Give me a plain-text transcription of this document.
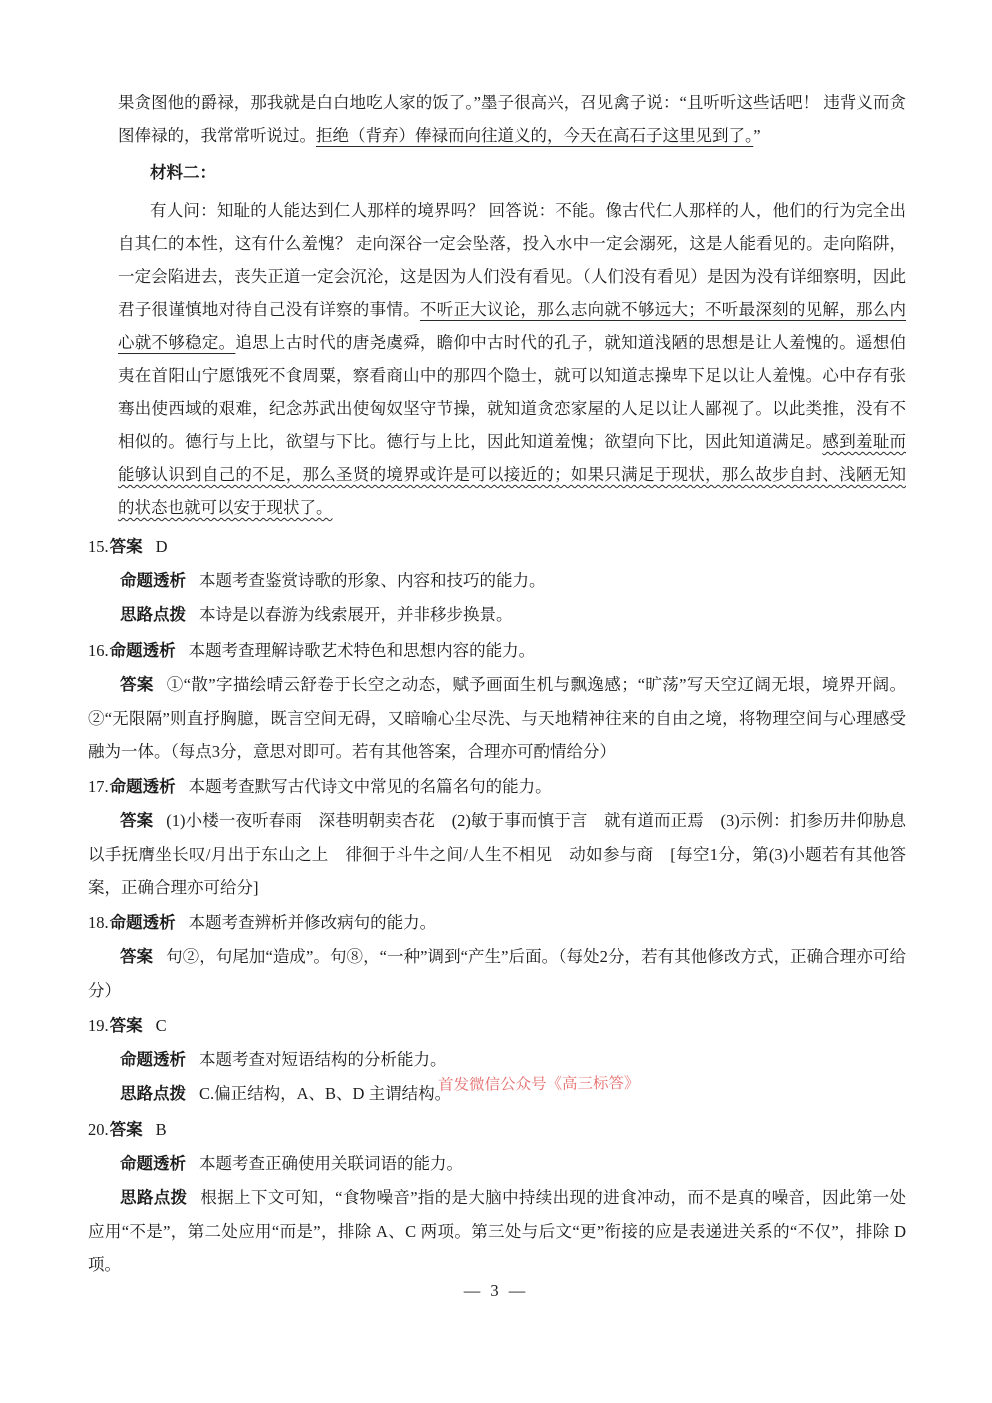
果贪图他的爵禄，那我就是白白地吃人家的饭了。”墨子很高兴，召见禽子说：“且听听这些话吧！ 违背义而贪图俸禄的，我常常听说过。拒绝（背弃）俸禄而向往道义的，今天在高石子这里见到了。”

材料二：

有人问：知耻的人能达到仁人那样的境界吗？ 回答说：不能。像古代仁人那样的人，他们的行为完全出自其仁的本性，这有什么羞愧？ 走向深谷一定会坠落，投入水中一定会溺死，这是人能看见的。走向陷阱，一定会陷进去，丧失正道一定会沉沦，这是因为人们没有看见。（人们没有看见）是因为没有详细察明，因此君子很谨慎地对待自己没有详察的事情。不听正大议论，那么志向就不够远大；不听最深刻的见解，那么内心就不够稳定。追思上古时代的唐尧虞舜，瞻仰中古时代的孔子，就知道浅陋的思想是让人羞愧的。遥想伯夷在首阳山宁愿饿死不食周粟，察看商山中的那四个隐士，就可以知道志操卑下足以让人羞愧。心中存有张骞出使西域的艰难，纪念苏武出使匈奴坚守节操，就知道贪恋家屋的人足以让人鄙视了。以此类推，没有不相似的。德行与上比，欲望与下比。德行与上比，因此知道羞愧；欲望向下比，因此知道满足。感到羞耻而能够认识到自己的不足，那么圣贤的境界或许是可以接近的；如果只满足于现状，那么故步自封、浅陋无知的状态也就可以安于现状了。

15.答案 D

命题透析 本题考查鉴赏诗歌的形象、内容和技巧的能力。

思路点拨 本诗是以春游为线索展开，并非移步换景。

16.命题透析 本题考查理解诗歌艺术特色和思想内容的能力。

答案 ①“散”字描绘晴云舒卷于长空之动态，赋予画面生机与飘逸感；“旷荡”写天空辽阔无垠，境界开阔。②“无限隔”则直抒胸臆，既言空间无碍，又暗喻心尘尽洗、与天地精神往来的自由之境，将物理空间与心理感受融为一体。（每点3分，意思对即可。若有其他答案，合理亦可酌情给分）

17.命题透析 本题考查默写古代诗文中常见的名篇名句的能力。

答案 (1)小楼一夜听春雨　深巷明朝卖杏花　(2)敏于事而慎于言　就有道而正焉　(3)示例：扪参历井仰胁息　以手抚膺坐长叹/月出于东山之上　徘徊于斗牛之间/人生不相见　动如参与商　[每空1分，第(3)小题若有其他答案，正确合理亦可给分]

18.命题透析 本题考查辨析并修改病句的能力。

答案 句②，句尾加“造成”。句⑧，“一种”调到“产生”后面。（每处2分，若有其他修改方式，正确合理亦可给分）

19.答案 C

命题透析 本题考查对短语结构的分析能力。

思路点拨 C.偏正结构，A、B、D 主谓结构。

20.答案 B

命题透析 本题考查正确使用关联词语的能力。

思路点拨 根据上下文可知，“食物噪音”指的是大脑中持续出现的进食冲动，而不是真的噪音，因此第一处应用“不是”，第二处应用“而是”，排除 A、C 两项。第三处与后文“更”衔接的应是表递进关系的“不仅”，排除 D 项。

首发微信公众号《高三标答》
— 3 —
